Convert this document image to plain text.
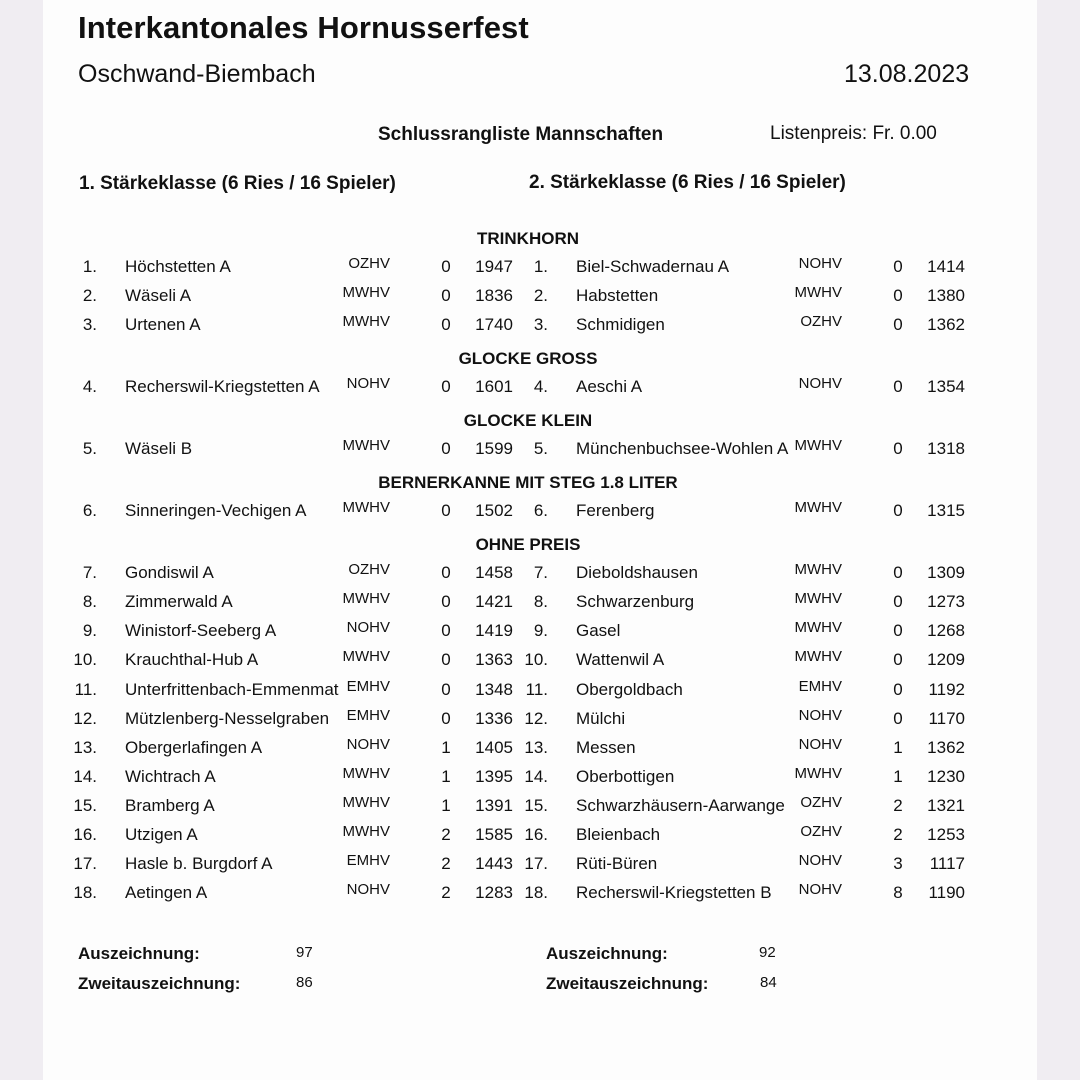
Interkantonales Hornusserfest
Oschwand-Biembach	13.08.2023
Schlussrangliste Mannschaften	Listenpreis: Fr. 0.00
1. Stärkeklasse (6 Ries / 16 Spieler)	2. Stärkeklasse (6 Ries / 16 Spieler)
TRINKHORN
GLOCKE GROSS
GLOCKE KLEIN
BERNERKANNE MIT STEG 1.8 LITER
OHNE PREIS
1. Höchstetten A	OZHV	0	1947
2. Wäseli A	MWHV	0	1836
3. Urtenen A	MWHV	0	1740
4. Recherswil-Kriegstetten A	NOHV	0	1601
5. Wäseli B	MWHV	0	1599
6. Sinneringen-Vechigen A	MWHV	0	1502
7. Gondiswil A	OZHV	0	1458
8. Zimmerwald A	MWHV	0	1421
9. Winistorf-Seeberg A	NOHV	0	1419
10. Krauchthal-Hub A	MWHV	0	1363
11. Unterfrittenbach-Emmenmat EMHV	0	1348
12. Mützlenberg-Nesselgraben	EMHV	0	1336
13. Obergerlafingen A	NOHV	1	1405
14. Wichtrach A	MWHV	1	1395
15. Bramberg A	MWHV	1	1391
16. Utzigen A	MWHV	2	1585
17. Hasle b. Burgdorf A	EMHV	2	1443
18. Aetingen A	NOHV	2	1283
1. Biel-Schwadernau A	NOHV	0	1414
2. Habstetten	MWHV	0	1380
3. Schmidigen	OZHV	0	1362
4. Aeschi A	NOHV	0	1354
5. Münchenbuchsee-Wohlen A MWHV	0	1318
6. Ferenberg	MWHV	0	1315
7. Dieboldshausen	MWHV	0	1309
8. Schwarzenburg	MWHV	0	1273
9. Gasel	MWHV	0	1268
10. Wattenwil A	MWHV	0	1209
11. Obergoldbach	EMHV	0	1192
12. Mülchi	NOHV	0	1170
13. Messen	NOHV	1	1362
14. Oberbottigen	MWHV	1	1230
15. Schwarzhäusern-Aarwange	OZHV	2	1321
16. Bleienbach	OZHV	2	1253
17. Rüti-Büren	NOHV	3	1117
18. Recherswil-Kriegstetten B	NOHV	8	1190
Auszeichnung:	97
Zweitauszeichnung:	86
Auszeichnung:	92
Zweitauszeichnung:	84
